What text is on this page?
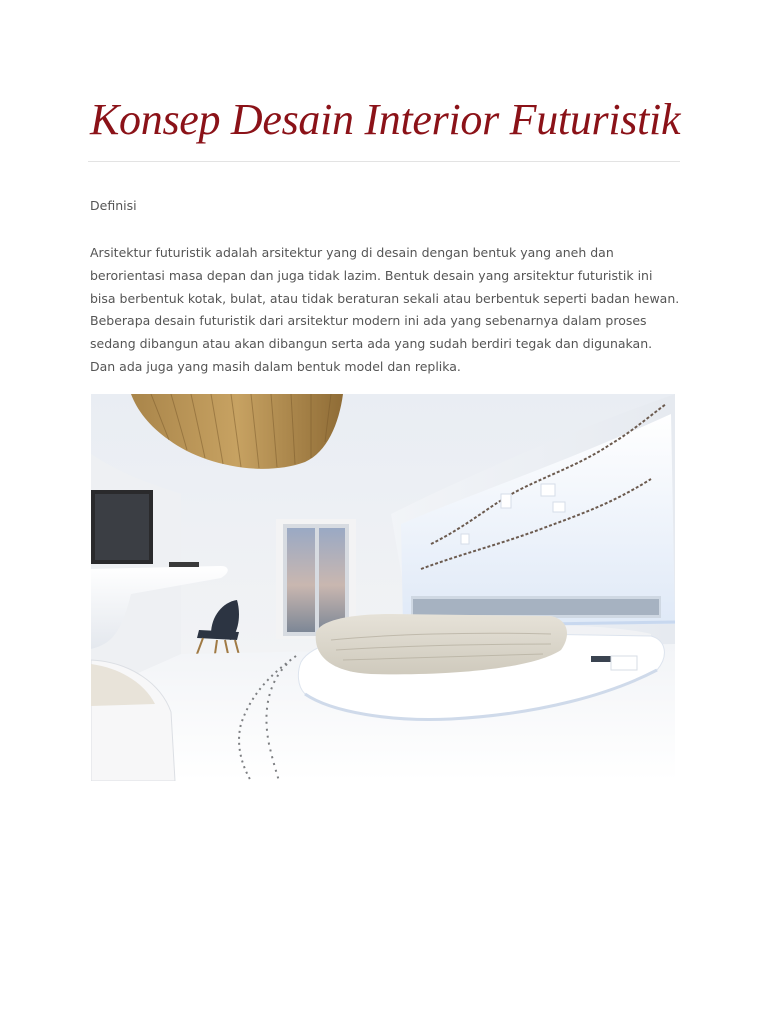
Konsep Desain Interior Futuristik

Definisi

Arsitektur futuristik adalah arsitektur yang di desain dengan bentuk yang aneh dan berorientasi masa depan dan juga tidak lazim. Bentuk desain yang arsitektur futuristik ini bisa berbentuk kotak, bulat, atau tidak beraturan sekali atau berbentuk seperti badan hewan. Beberapa desain futuristik dari arsitektur modern ini ada yang sebenarnya dalam proses sedang dibangun atau akan dibangun serta ada yang sudah berdiri tegak dan digunakan. Dan ada juga yang masih dalam bentuk model dan replika.
